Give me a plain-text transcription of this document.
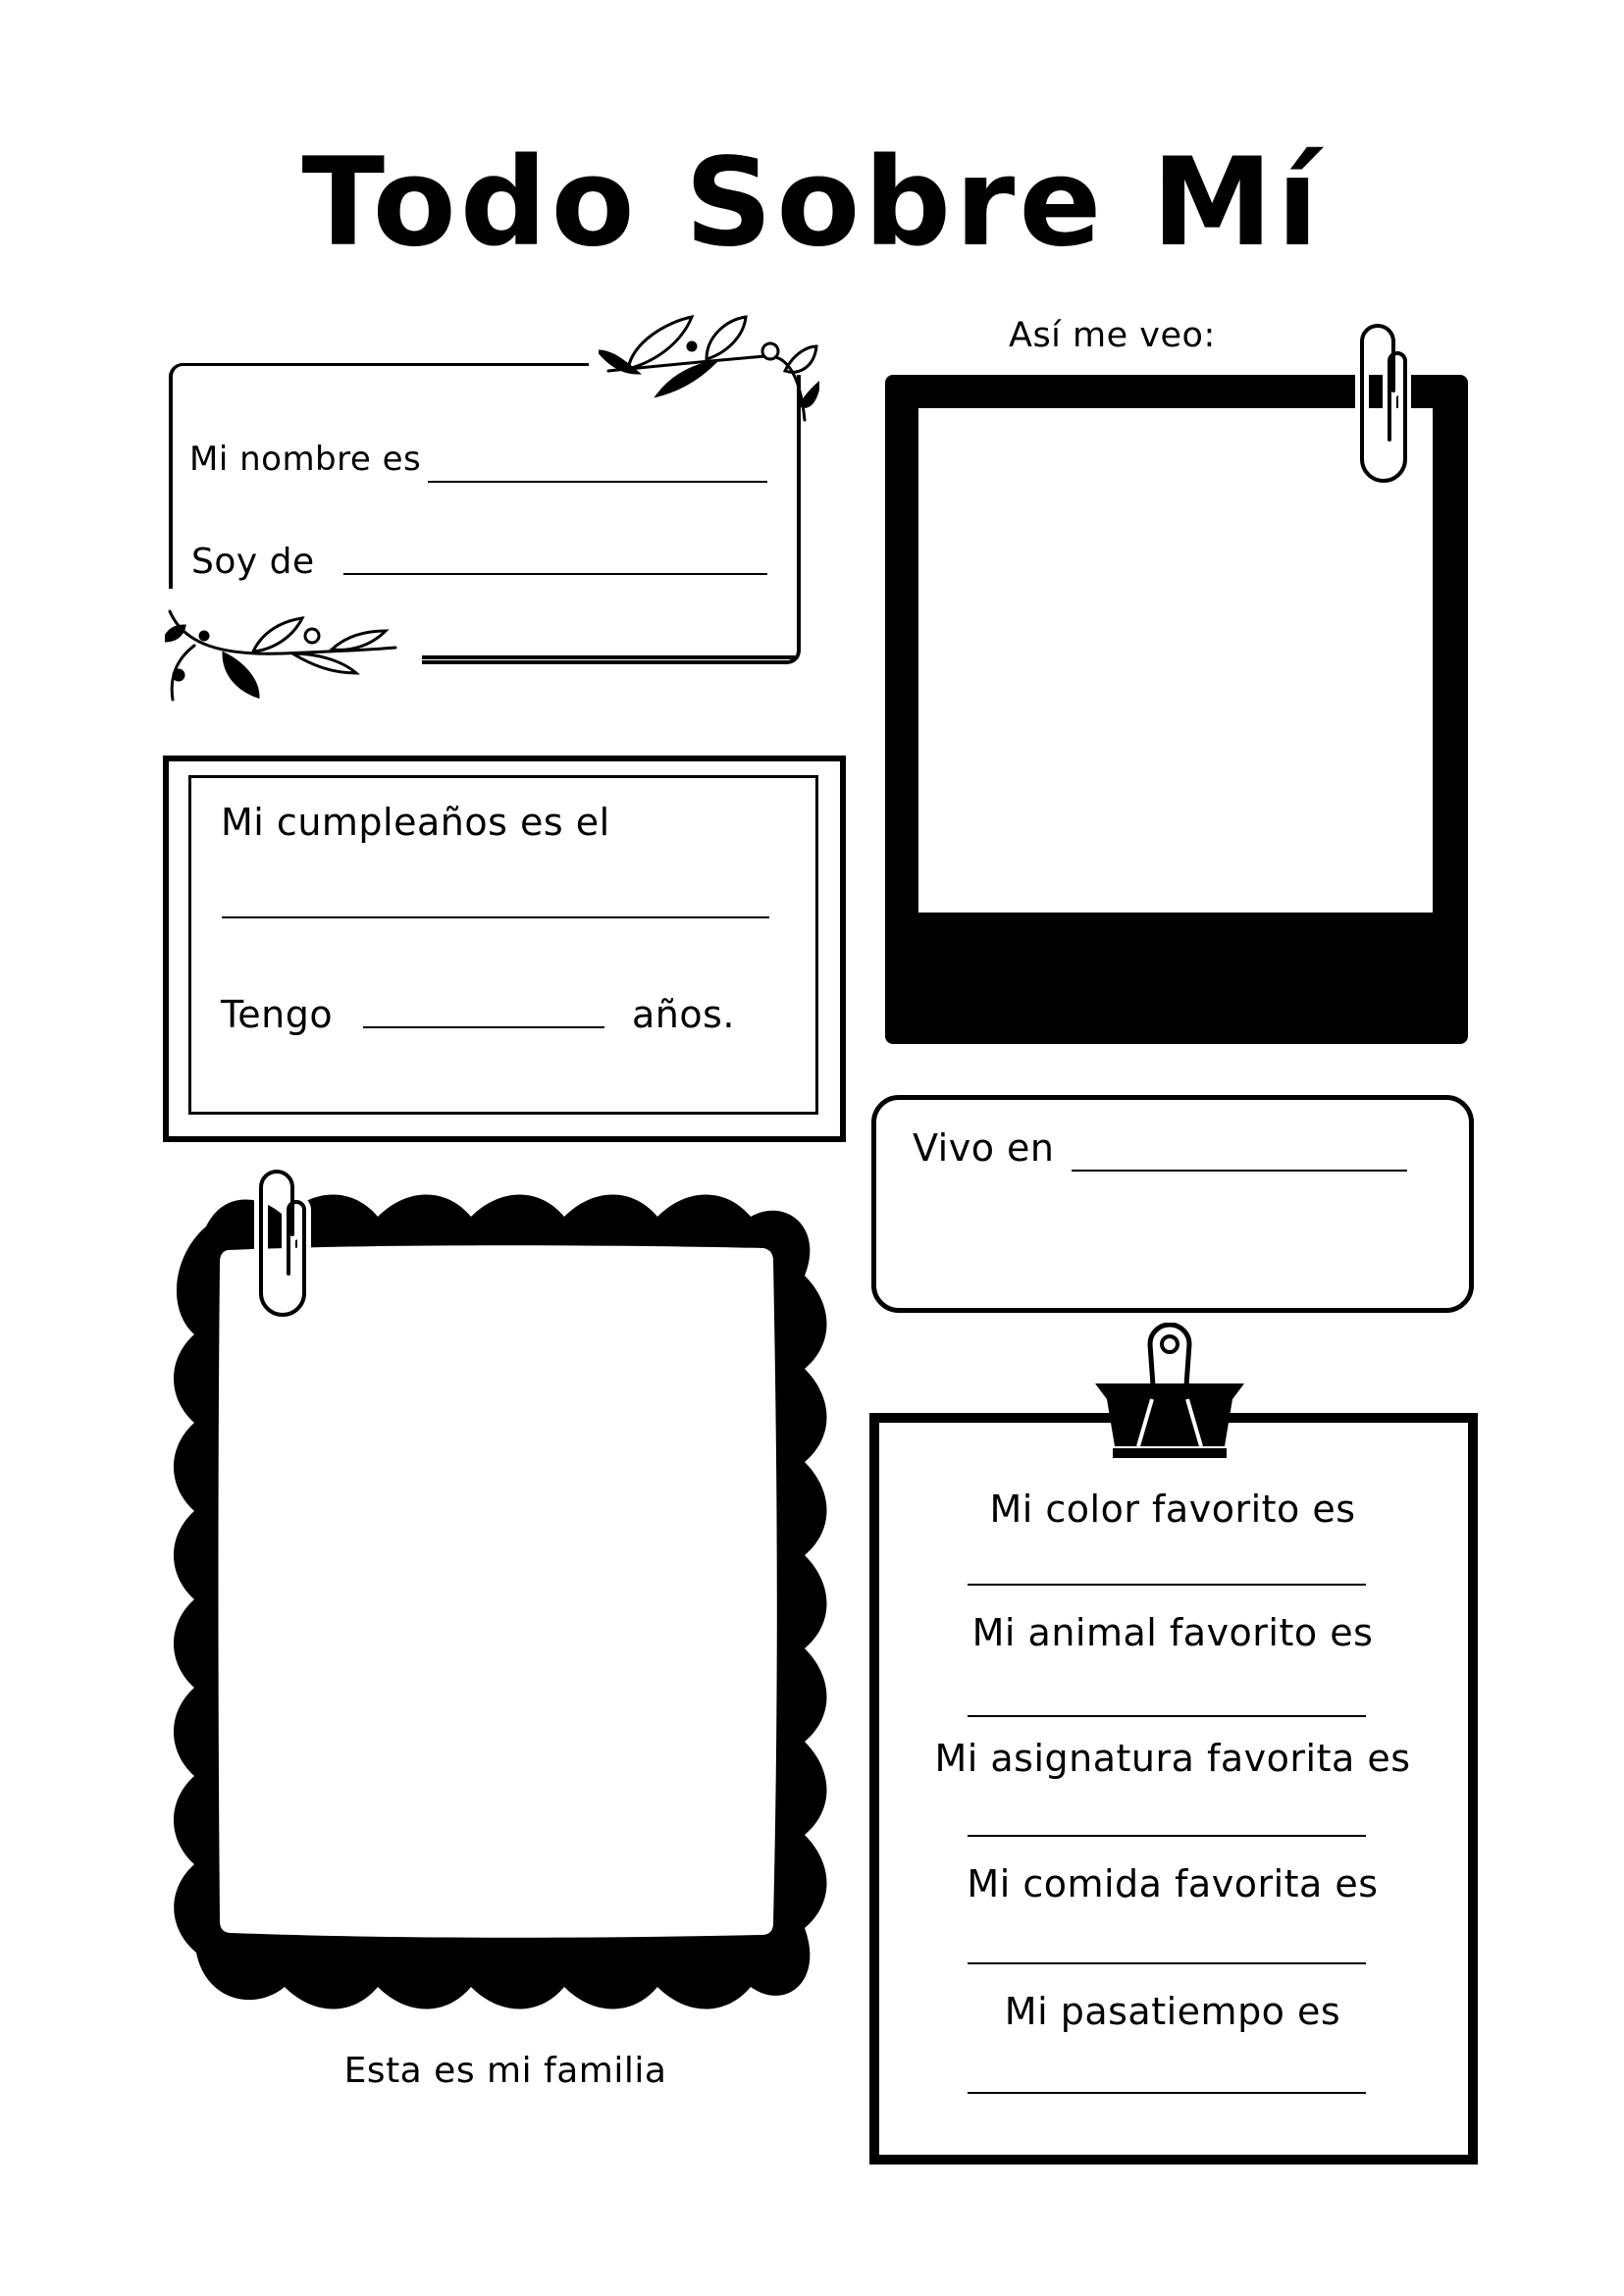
Todo Sobre Mí
Mi nombre es
Soy de
Mi cumpleaños es el
Tengo	años.
Así me veo:
Vivo en
Esta es mi familia
Mi color favorito es
Mi animal favorito es
Mi asignatura favorita es
Mi comida favorita es
Mi pasatiempo es
